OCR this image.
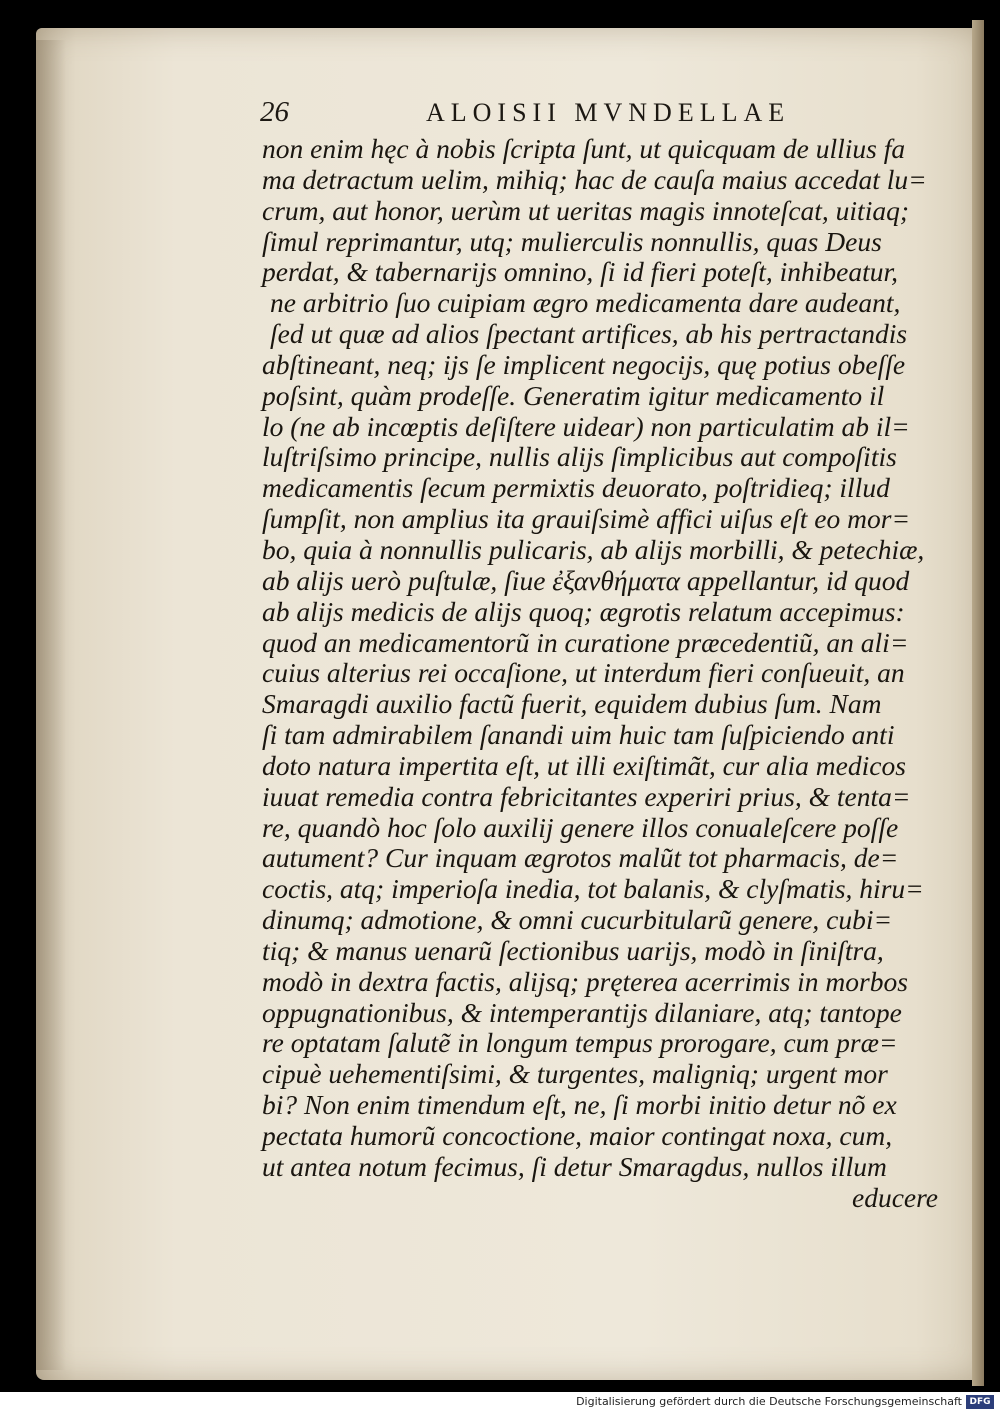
26	ALOISII MVNDELLAE
non enim hęc à nobis ſcripta ſunt, ut quicquam de ullius fa
ma detractum uelim, mihiq; hac de cauſa maius accedat lu=
crum, aut honor, uerùm ut ueritas magis innoteſcat, uitiaq;
ſimul reprimantur, utq; mulierculis nonnullis, quas Deus
perdat, & tabernarijs omnino, ſi id fieri poteſt, inhibeatur,
ne arbitrio ſuo cuipiam ægro medicamenta dare audeant,
ſed ut quæ ad alios ſpectant artifices, ab his pertractandis
abſtineant, neq; ijs ſe implicent negocijs, quę potius obeſſe
poſsint, quàm prodeſſe. Generatim igitur medicamento il
lo (ne ab incœptis deſiſtere uidear) non particulatim ab il=
luſtriſsimo principe, nullis alijs ſimplicibus aut compoſitis
medicamentis ſecum permixtis deuorato, poſtridieq; illud
ſumpſit, non amplius ita grauiſsimè affici uiſus eſt eo mor=
bo, quia à nonnullis pulicaris, ab alijs morbilli, & petechiæ,
ab alijs uerò puſtulæ, ſiue ἐξανθήματα appellantur, id quod
ab alijs medicis de alijs quoq; ægrotis relatum accepimus:
quod an medicamentorũ in curatione præcedentiũ, an ali=
cuius alterius rei occaſione, ut interdum fieri conſueuit, an
Smaragdi auxilio factũ fuerit, equidem dubius ſum. Nam
ſi tam admirabilem ſanandi uim huic tam ſuſpiciendo anti
doto natura impertita eſt, ut illi exiſtimãt, cur alia medicos
iuuat remedia contra febricitantes experiri prius, & tenta=
re, quandò hoc ſolo auxilij genere illos conualeſcere poſſe
autument? Cur inquam ægrotos malũt tot pharmacis, de=
coctis, atq; imperioſa inedia, tot balanis, & clyſmatis, hiru=
dinumq; admotione, & omni cucurbitularũ genere, cubi=
tiq; & manus uenarũ ſectionibus uarijs, modò in ſiniſtra,
modò in dextra factis, alijsq; pręterea acerrimis in morbos
oppugnationibus, & intemperantijs dilaniare, atq; tantope
re optatam ſalutẽ in longum tempus prorogare, cum præ=
cipuè uehementiſsimi, & turgentes, maligniq; urgent mor
bi? Non enim timendum eſt, ne, ſi morbi initio detur nõ ex
pectata humorũ concoctione, maior contingat noxa, cum,
ut antea notum fecimus, ſi detur Smaragdus, nullos illum
educere
Digitalisierung gefördert durch die Deutsche Forschungsgemeinschaft DFG
